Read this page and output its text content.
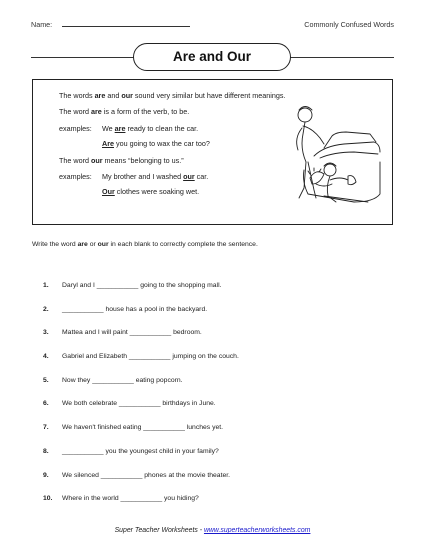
Name:	Commonly Confused Words
Are and Our

The words are and our sound very similar but have different meanings.

The word are is a form of the verb, to be.

examples: We are ready to clean the car.
Are you going to wax the car too?

The word our means “belonging to us.”

examples: My brother and I washed our car.
Our clothes were soaking wet.
Write the word are or our in each blank to correctly complete the sentence.
1. Daryl and I ___________ going to the shopping mall.
2. ___________ house has a pool in the backyard.
3. Mattea and I will paint ___________ bedroom.
4. Gabriel and Elizabeth ___________ jumping on the couch.
5. Now they ___________ eating popcorn.
6. We both celebrate ___________ birthdays in June.
7. We haven't finished eating ___________ lunches yet.
8. ___________ you the youngest child in your family?
9. We silenced ___________ phones at the movie theater.
10. Where in the world ___________ you hiding?
Super Teacher Worksheets - www.superteacherworksheets.com
